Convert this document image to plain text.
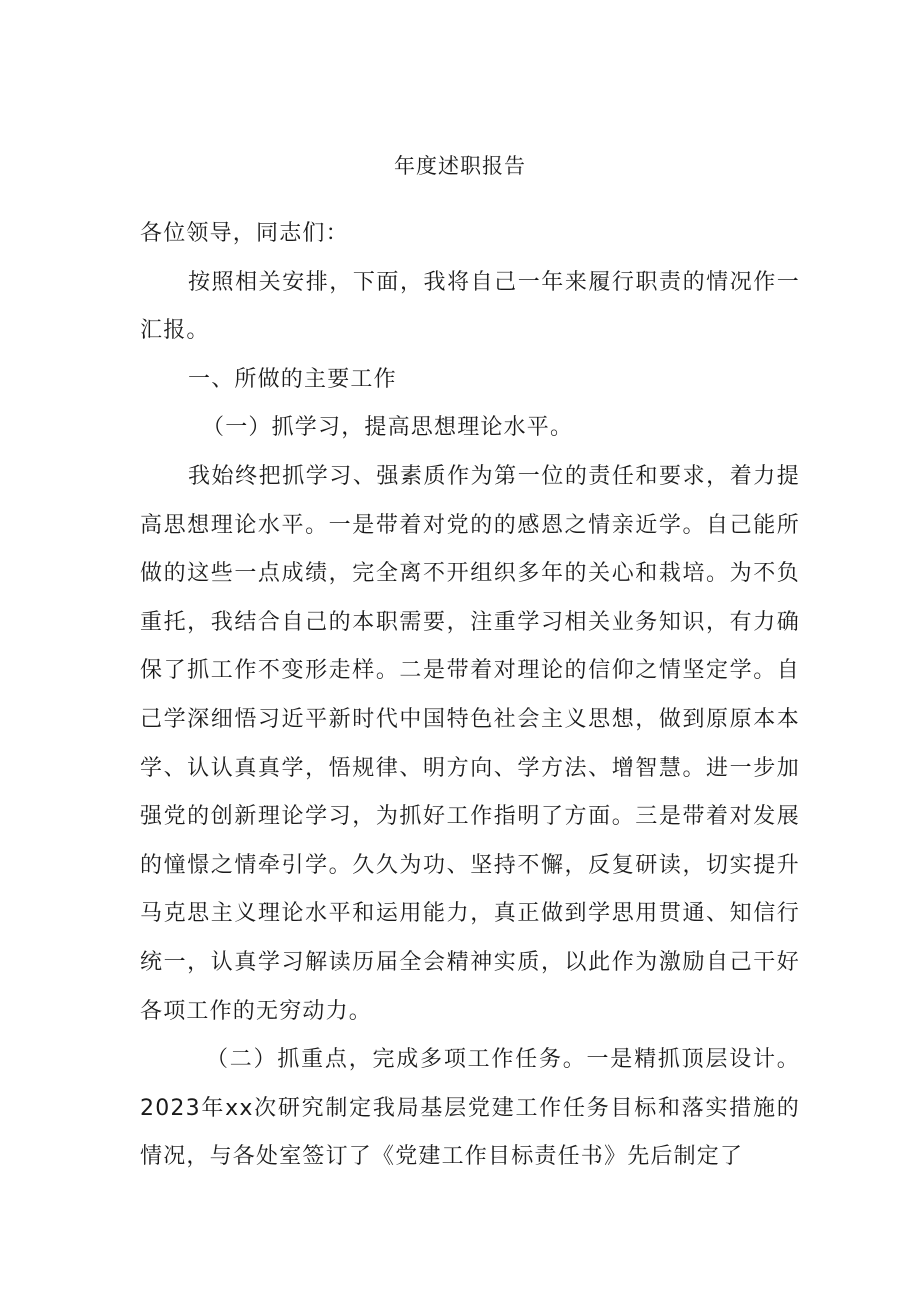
年度述职报告

各位领导，同志们：

按照相关安排，下面，我将自己一年来履行职责的情况作一汇报。

一、所做的主要工作

（一）抓学习，提高思想理论水平。

我始终把抓学习、强素质作为第一位的责任和要求，着力提高思想理论水平。一是带着对党的的感恩之情亲近学。自己能所做的这些一点成绩，完全离不开组织多年的关心和栽培。为不负重托，我结合自己的本职需要，注重学习相关业务知识，有力确保了抓工作不变形走样。二是带着对理论的信仰之情坚定学。自己学深细悟习近平新时代中国特色社会主义思想，做到原原本本学、认认真真学，悟规律、明方向、学方法、增智慧。进一步加强党的创新理论学习，为抓好工作指明了方面。三是带着对发展的憧憬之情牵引学。久久为功、坚持不懈，反复研读，切实提升马克思主义理论水平和运用能力，真正做到学思用贯通、知信行统一，认真学习解读历届全会精神实质，以此作为激励自己干好各项工作的无穷动力。

（二）抓重点，完成多项工作任务。一是精抓顶层设计。2023年xx次研究制定我局基层党建工作任务目标和落实措施的情况，与各处室签订了《党建工作目标责任书》先后制定了
